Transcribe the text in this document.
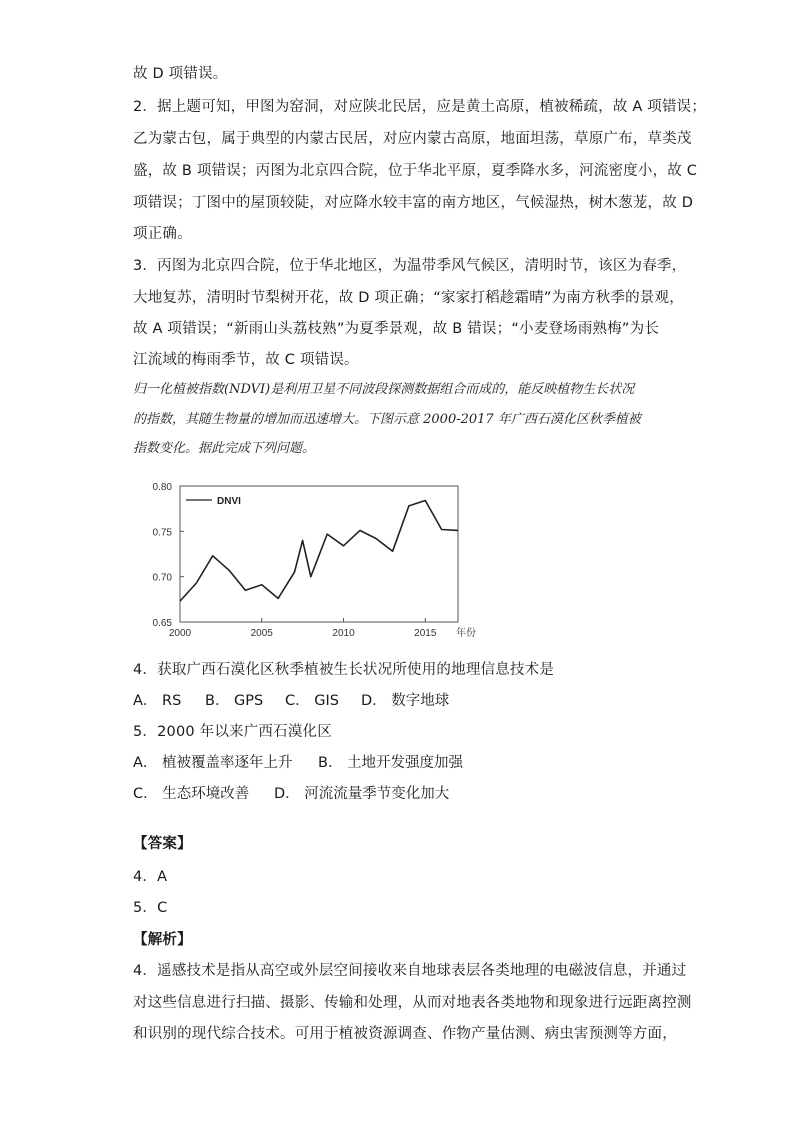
故 D 项错误。
2．据上题可知，甲图为窑洞，对应陕北民居，应是黄土高原，植被稀疏，故 A 项错误；
乙为蒙古包，属于典型的内蒙古民居，对应内蒙古高原，地面坦荡，草原广布，草类茂
盛，故 B 项错误；丙图为北京四合院，位于华北平原，夏季降水多，河流密度小，故 C
项错误；丁图中的屋顶较陡，对应降水较丰富的南方地区，气候湿热，树木葱茏，故 D
项正确。
3．丙图为北京四合院，位于华北地区，为温带季风气候区，清明时节，该区为春季，
大地复苏，清明时节梨树开花，故 D 项正确；“家家打稻趁霜晴”为南方秋季的景观，
故 A 项错误；“新雨山头荔枝熟”为夏季景观，故 B 错误；“小麦登场雨熟梅”为长
江流域的梅雨季节，故 C 项错误。
归一化植被指数(NDVI)是利用卫星不同波段探测数据组合而成的，能反映植物生长状况
的指数，其随生物量的增加而迅速增大。下图示意 2000-2017 年广西石漠化区秋季植被
指数变化。据此完成下列问题。
0.80
0.75
0.70
0.65
2000	2005	2010	2015 年份
DNVI
4．获取广西石漠化区秋季植被生长状况所使用的地理信息技术是
A． RS B． GPS C． GIS D． 数字地球
5．2000 年以来广西石漠化区
A． 植被覆盖率逐年上升 B． 土地开发强度加强
C． 生态环境改善 D． 河流流量季节变化加大
【答案】
4．A
5．C
【解析】
4．遥感技术是指从高空或外层空间接收来自地球表层各类地理的电磁波信息，并通过
对这些信息进行扫描、摄影、传输和处理，从而对地表各类地物和现象进行远距离控测
和识别的现代综合技术。可用于植被资源调查、作物产量估测、病虫害预测等方面，
